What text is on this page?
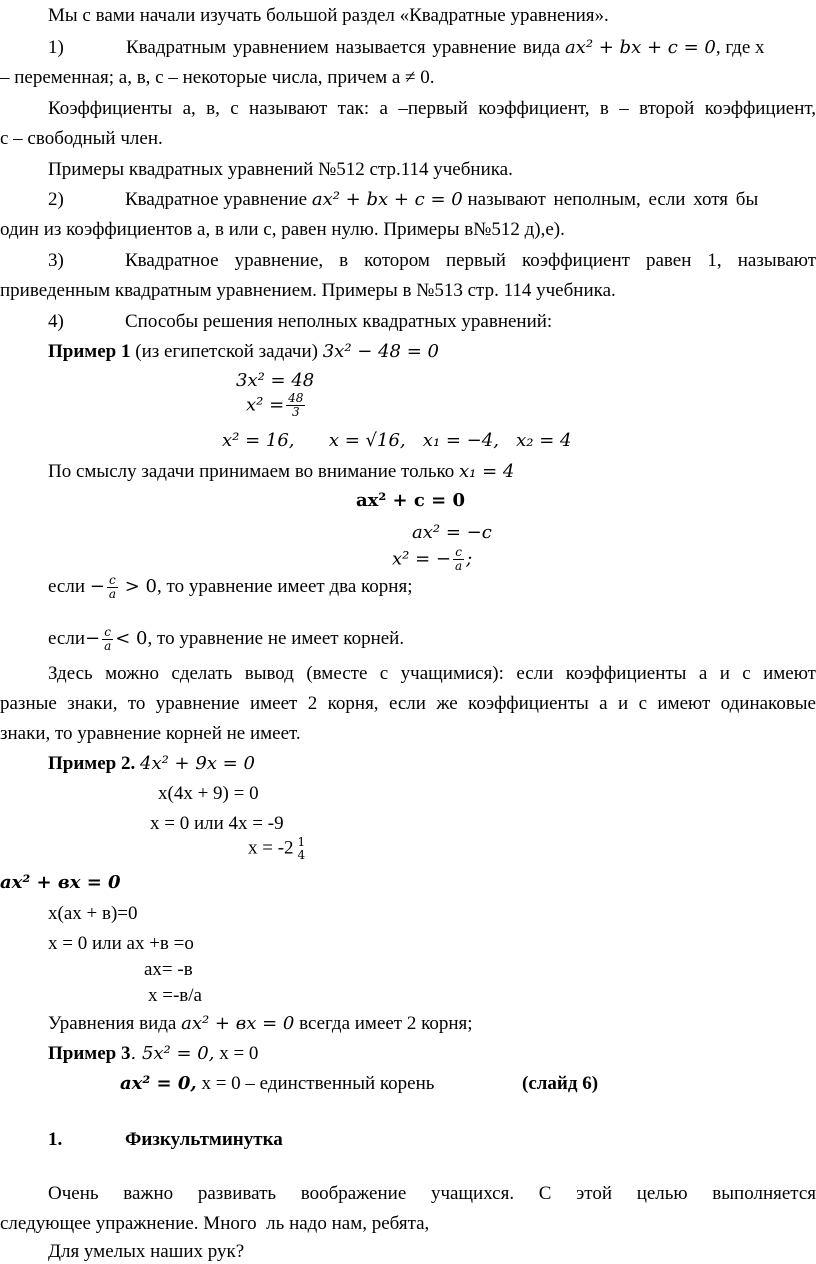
Мы с вами начали изучать большой раздел «Квадратные уравнения».
1)	Квадратным уравнением называется уравнение вида ax² + bx + c = 0, где х
– переменная; а, в, с – некоторые числа, причем а ≠ 0.
Коэффициенты а, в, с называют так: а –первый коэффициент, в – второй коэффициент,
с – свободный член.
Примеры квадратных уравнений №512 стр.114 учебника.
2)	Квадратное уравнение ax² + bx + c = 0 называют неполным, если хотя бы
один из коэффициентов а, в или с, равен нулю. Примеры в№512 д),е).
3)	Квадратное уравнение, в котором первый коэффициент равен 1, называют
приведенным квадратным уравнением. Примеры в №513 стр. 114 учебника.
4)	Способы решения неполных квадратных уравнений:
Пример 1 (из египетской задачи) 3x² − 48 = 0
3x² = 48
$x^2 = \frac{48}{3}$
x² = 16,      x = √16,   x₁ = −4,   x₂ = 4
По смыслу задачи принимаем во внимание только x₁ = 4
ax² + c = 0
ax² = −c
x² = − $\frac{c}{a}$ ;
если − $\frac{c}{a} > 0$, то уравнение имеет два корня;
если− $\frac{c}{a} < 0$, то уравнение не имеет корней.
Здесь можно сделать вывод (вместе с учащимися): если коэффициенты а и с имеют
разные знаки, то уравнение имеет 2 корня, если же коэффициенты а и с имеют одинаковые
знаки, то уравнение корней не имеет.
Пример 2. 4x² + 9x = 0
х(4х + 9) = 0
х = 0 или 4х = -9
х = -2 1
4
ax² + вx = 0
х(ах + в)=0
х = 0 или ах +в =о
ах= -в
х =-в/а
Уравнения вида ax² + вx = 0 всегда имеет 2 корня;
Пример 3. 5x² = 0, х = 0
ax² = 0, х = 0 – единственный корень	(слайд 6)
1.	Физкультминутка
Очень важно развивать воображение учащихся. С этой целью выполняется
следующее упражнение. Много  ль надо нам, ребята,
Для умелых наших рук?
